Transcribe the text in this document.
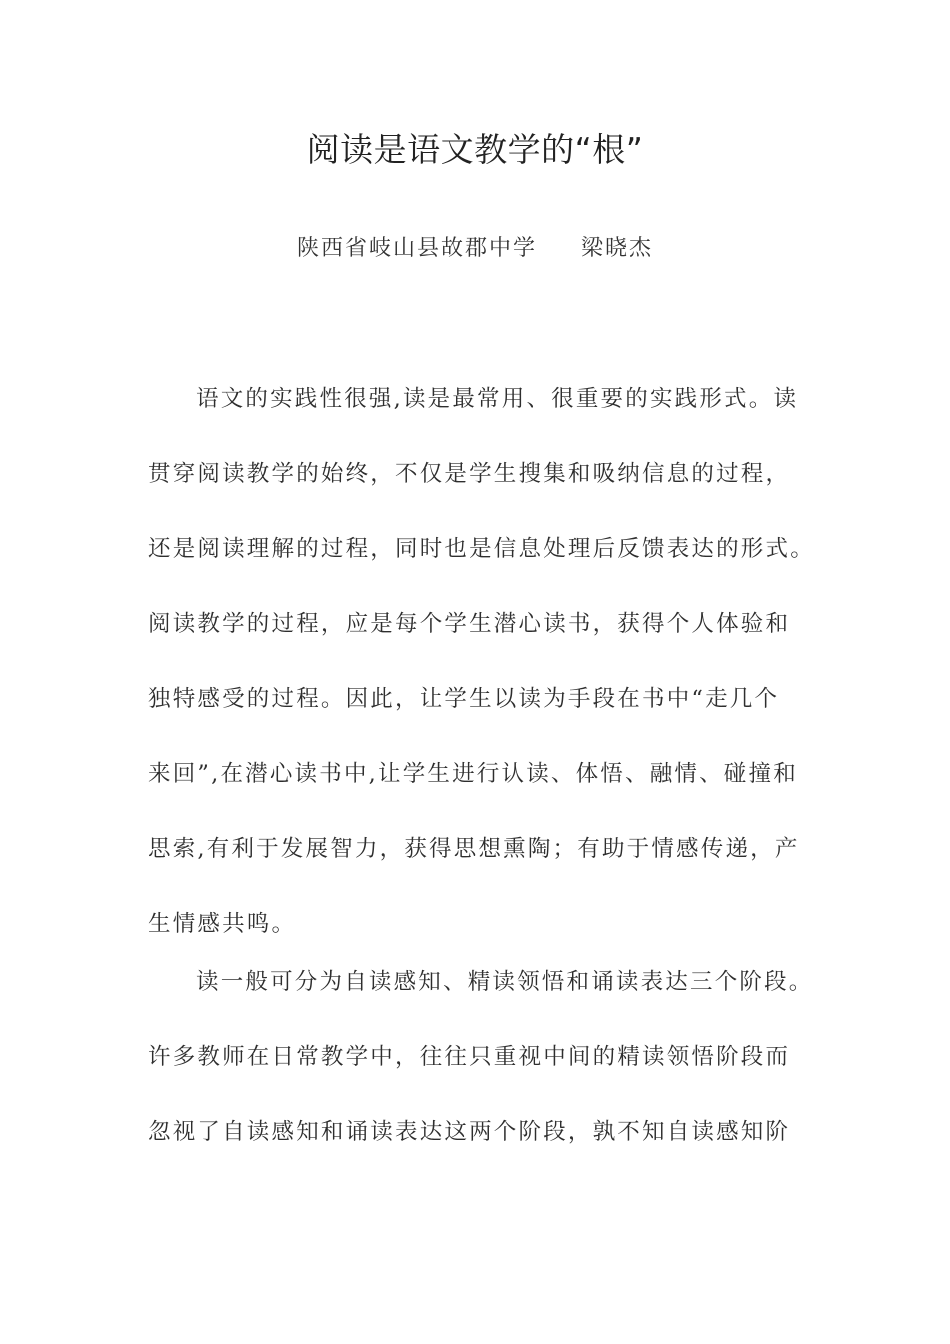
阅读是语文教学的“根”
陕西省岐山县故郡中学 梁晓杰
语文的实践性很强,读是最常用、很重要的实践形式。读
贯穿阅读教学的始终，不仅是学生搜集和吸纳信息的过程，
还是阅读理解的过程，同时也是信息处理后反馈表达的形式。
阅读教学的过程，应是每个学生潜心读书，获得个人体验和
独特感受的过程。因此，让学生以读为手段在书中“走几个
来回”,在潜心读书中,让学生进行认读、体悟、融情、碰撞和
思索,有利于发展智力，获得思想熏陶；有助于情感传递，产
生情感共鸣。
读一般可分为自读感知、精读领悟和诵读表达三个阶段。
许多教师在日常教学中，往往只重视中间的精读领悟阶段而
忽视了自读感知和诵读表达这两个阶段，孰不知自读感知阶
